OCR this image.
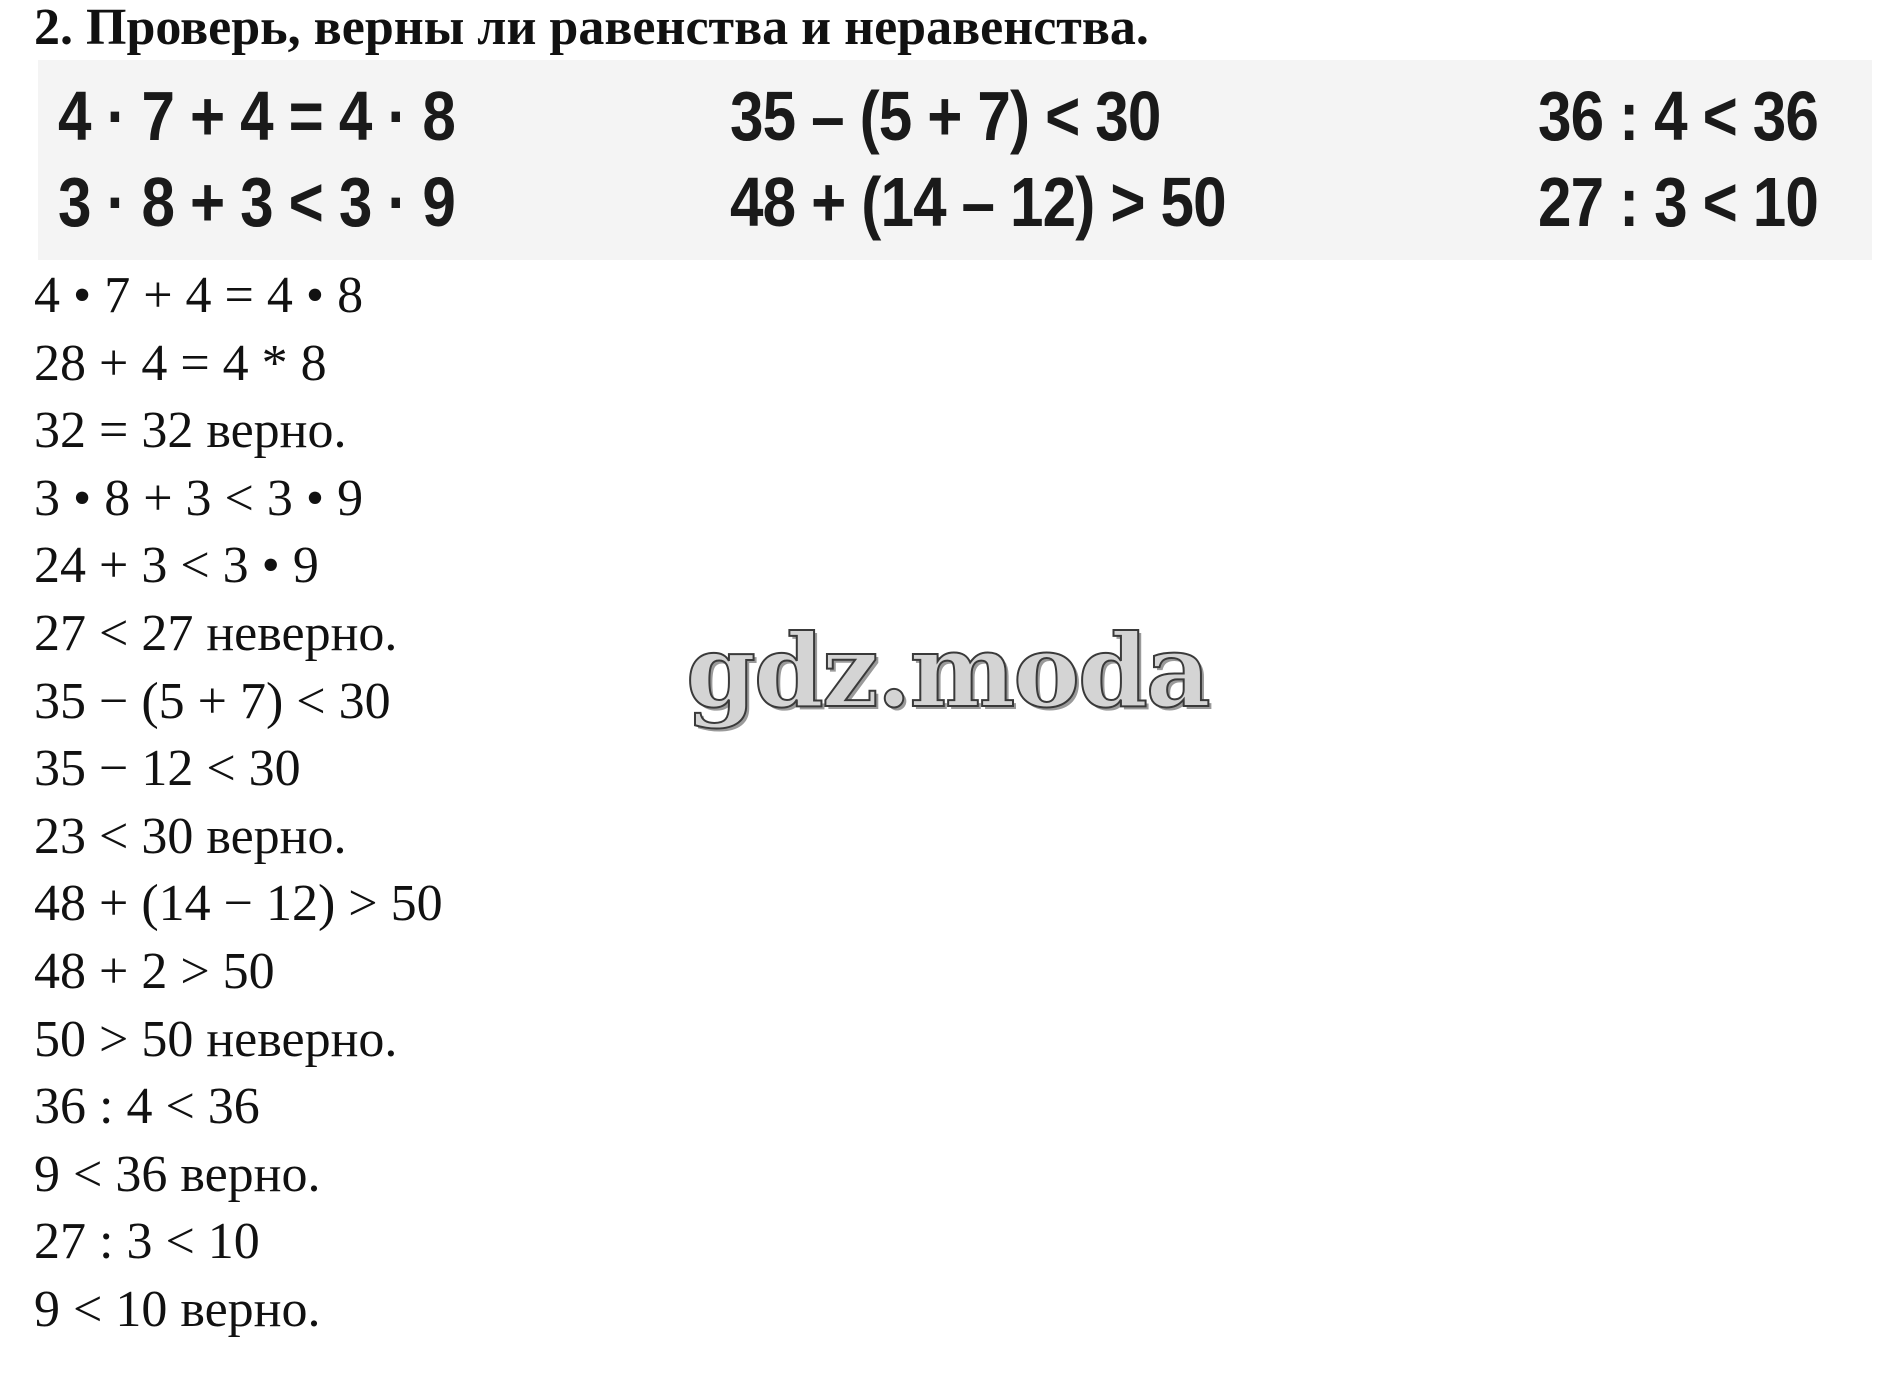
2. Проверь, верны ли равенства и неравенства.
4 · 7 + 4 = 4 · 8
3 · 8 + 3 < 3 · 9
35 – (5 + 7) < 30
48 + (14 – 12) > 50
36 : 4 < 36
27 : 3 < 10
4 • 7 + 4 = 4 • 8
28 + 4 = 4 * 8
32 = 32 верно.
3 • 8 + 3 < 3 • 9
24 + 3 < 3 • 9
27 < 27 неверно.
35 − (5 + 7) < 30
35 − 12 < 30
23 < 30 верно.
48 + (14 − 12) > 50
48 + 2 > 50
50 > 50 неверно.
36 : 4 < 36
9 < 36 верно.
27 : 3 < 10
9 < 10 верно.
gdz.moda
